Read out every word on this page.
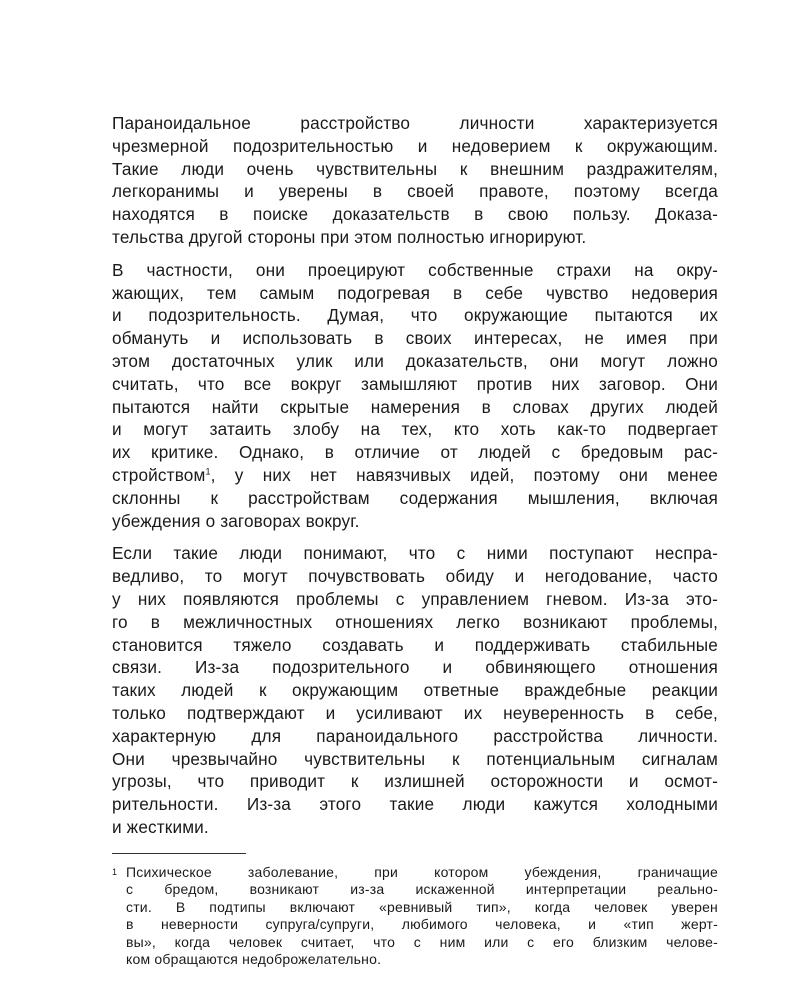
Параноидальное расстройство личности характеризуется
чрезмерной подозрительностью и недоверием к окружающим.
Такие люди очень чувствительны к внешним раздражителям,
легкоранимы и уверены в своей правоте, поэтому всегда
находятся в поиске доказательств в свою пользу. Доказа-
тельства другой стороны при этом полностью игнорируют.

В частности, они проецируют собственные страхи на окру-
жающих, тем самым подогревая в себе чувство недоверия
и подозрительность. Думая, что окружающие пытаются их
обмануть и использовать в своих интересах, не имея при
этом достаточных улик или доказательств, они могут ложно
считать, что все вокруг замышляют против них заговор. Они
пытаются найти скрытые намерения в словах других людей
и могут затаить злобу на тех, кто хоть как-то подвергает
их критике. Однако, в отличие от людей с бредовым рас-
стройством$^1$, у них нет навязчивых идей, поэтому они менее
склонны к расстройствам содержания мышления, включая
убеждения о заговорах вокруг.

Если такие люди понимают, что с ними поступают неспра-
ведливо, то могут почувствовать обиду и негодование, часто
у них появляются проблемы с управлением гневом. Из-за это-
го в межличностных отношениях легко возникают проблемы,
становится тяжело создавать и поддерживать стабильные
связи. Из-за подозрительного и обвиняющего отношения
таких людей к окружающим ответные враждебные реакции
только подтверждают и усиливают их неуверенность в себе,
характерную для параноидального расстройства личности.
Они чрезвычайно чувствительны к потенциальным сигналам
угрозы, что приводит к излишней осторожности и осмот-
рительности. Из-за этого такие люди кажутся холодными
и жесткими.

1 Психическое заболевание, при котором убеждения, граничащие
с бредом, возникают из-за искаженной интерпретации реально-
сти. В подтипы включают «ревнивый тип», когда человек уверен
в неверности супруга/супруги, любимого человека, и «тип жерт-
вы», когда человек считает, что с ним или с его близким челове-
ком обращаются недоброжелательно.
